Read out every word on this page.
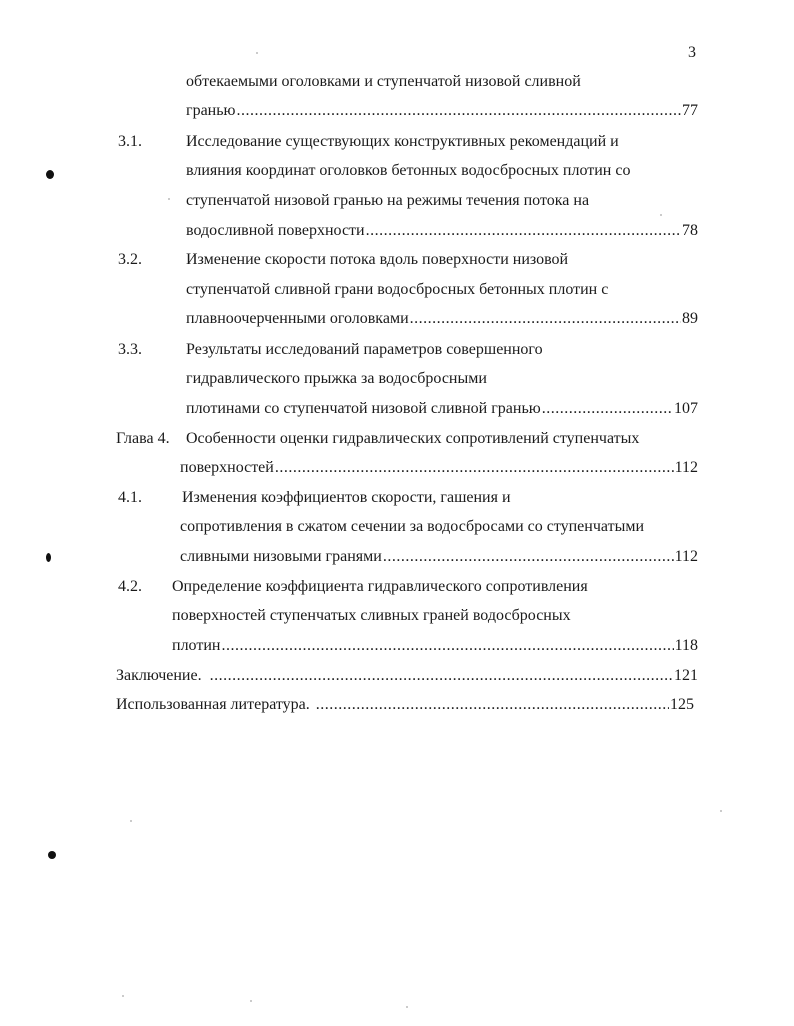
3
обтекаемыми оголовками и ступенчатой низовой сливной
гранью .....	77
3.1.	Исследование существующих конструктивных рекомендаций и
влияния координат оголовков бетонных водосбросных плотин со
ступенчатой низовой гранью на режимы течения потока на
водосливной поверхности .....	78
3.2.	Изменение скорости потока вдоль поверхности низовой
ступенчатой сливной грани водосбросных бетонных плотин с
плавноочерченными оголовками .....	89
3.3.	Результаты исследований параметров совершенного
гидравлического прыжка за водосбросными
плотинами со ступенчатой низовой сливной гранью .....	107
Глава 4. Особенности оценки гидравлических сопротивлений ступенчатых
поверхностей .....	112
4.1.	Изменения коэффициентов скорости, гашения и
сопротивления в сжатом сечении за водосбросами со ступенчатыми
сливными низовыми гранями .....	112
4.2. Определение коэффициента гидравлического сопротивления
поверхностей ступенчатых сливных граней водосбросных
плотин .....	118
Заключение. .....	121
Использованная литература. .....	125
